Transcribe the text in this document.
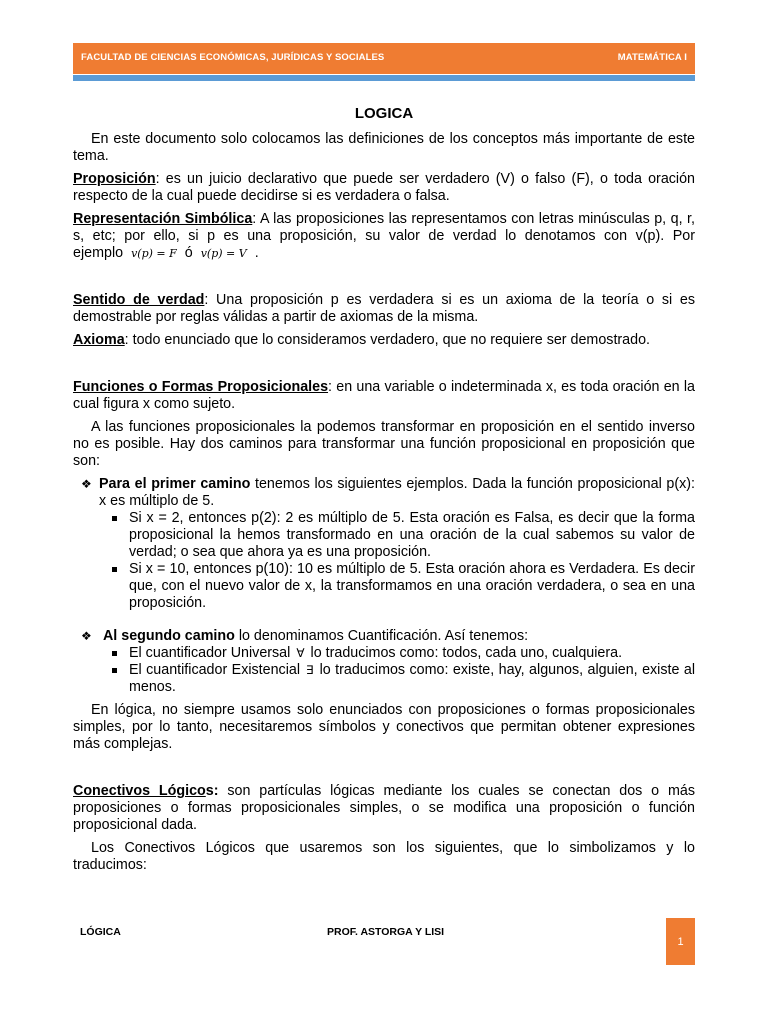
FACULTAD DE CIENCIAS ECONÓMICAS, JURÍDICAS Y SOCIALES	MATEMÁTICA I
LOGICA

En este documento solo colocamos las definiciones de los conceptos más importante de este tema.

Proposición: es un juicio declarativo que puede ser verdadero (V) o falso (F), o toda oración respecto de la cual puede decidirse si es verdadera o falsa.

Representación Simbólica: A las proposiciones las representamos con letras minúsculas p, q, r, s, etc; por ello, si p es una proposición, su valor de verdad lo denotamos con v(p). Por ejemplo v(p) = F ó v(p) = V .

Sentido de verdad: Una proposición p es verdadera si es un axioma de la teoría o si es demostrable por reglas válidas a partir de axiomas de la misma.

Axioma: todo enunciado que lo consideramos verdadero, que no requiere ser demostrado.

Funciones o Formas Proposicionales: en una variable o indeterminada x, es toda oración en la cual figura x como sujeto.

A las funciones proposicionales la podemos transformar en proposición en el sentido inverso no es posible. Hay dos caminos para transformar una función proposicional en proposición que son:

❖ Para el primer camino tenemos los siguientes ejemplos. Dada la función proposicional p(x): x es múltiplo de 5.
Si x = 2, entonces p(2): 2 es múltiplo de 5. Esta oración es Falsa, es decir que la forma proposicional la hemos transformado en una oración de la cual sabemos su valor de verdad; o sea que ahora ya es una proposición.
Si x = 10, entonces p(10): 10 es múltiplo de 5. Esta oración ahora es Verdadera. Es decir que, con el nuevo valor de x, la transformamos en una oración verdadera, o sea en una proposición.
❖ Al segundo camino lo denominamos Cuantificación. Así tenemos:
El cuantificador Universal ∀ lo traducimos como: todos, cada uno, cualquiera.
El cuantificador Existencial ∃ lo traducimos como: existe, hay, algunos, alguien, existe al menos.

En lógica, no siempre usamos solo enunciados con proposiciones o formas proposicionales simples, por lo tanto, necesitaremos símbolos y conectivos que permitan obtener expresiones más complejas.

Conectivos Lógicos: son partículas lógicas mediante los cuales se conectan dos o más proposiciones o formas proposicionales simples, o se modifica una proposición o función proposicional dada.

Los Conectivos Lógicos que usaremos son los siguientes, que lo simbolizamos y lo traducimos:

LÓGICA	PROF. ASTORGA Y LISI
1
